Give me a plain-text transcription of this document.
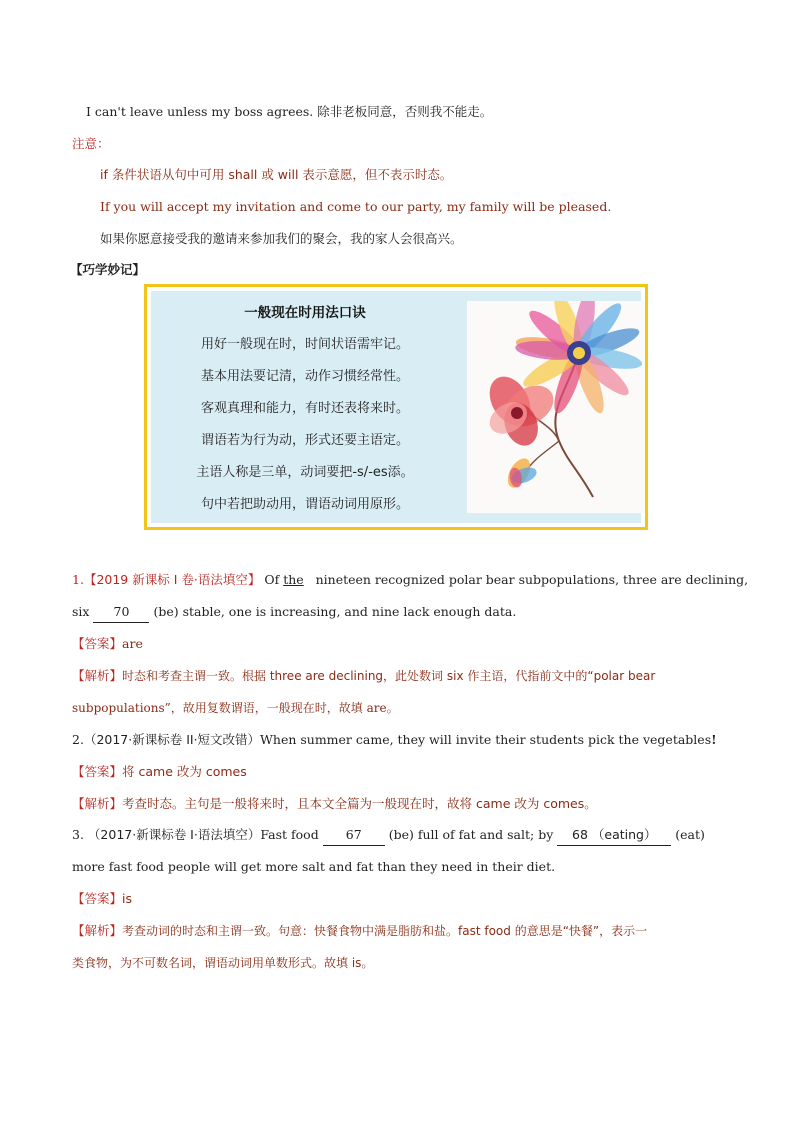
I can't leave unless my boss agrees. 除非老板同意，否则我不能走。
注意：
if 条件状语从句中可用 shall 或 will 表示意愿，但不表示时态。
If you will accept my invitation and come to our party, my family will be pleased.
如果你愿意接受我的邀请来参加我们的聚会，我的家人会很高兴。
【巧学妙记】
一般现在时用法口诀
用好一般现在时，时间状语需牢记。
基本用法要记清，动作习惯经常性。
客观真理和能力，有时还表将来时。
谓语若为行为动，形式还要主语定。
主语人称是三单，动词要把-s/-es添。
句中若把助动用，谓语动词用原形。
1.【2019 新课标 I 卷·语法填空】 Of the nineteen recognized polar bear subpopulations, three are declining,
six 70 (be) stable, one is increasing, and nine lack enough data.
【答案】are
【解析】时态和考查主谓一致。根据 three are declining，此处数词 six 作主语，代指前文中的“polar bear
subpopulations”，故用复数谓语，一般现在时，故填 are。
2.（2017·新课标卷 II·短文改错）When summer came, they will invite their students pick the vegetables!
【答案】将 came 改为 comes
【解析】考查时态。主句是一般将来时，且本文全篇为一般现在时，故将 came 改为 comes。
3. （2017·新课标卷 I·语法填空）Fast food 67 (be) full of fat and salt; by 68 （eating） (eat)
more fast food people will get more salt and fat than they need in their diet.
【答案】is
【解析】考查动词的时态和主谓一致。句意：快餐食物中满是脂肪和盐。fast food 的意思是“快餐”，表示一
类食物，为不可数名词，谓语动词用单数形式。故填 is。
